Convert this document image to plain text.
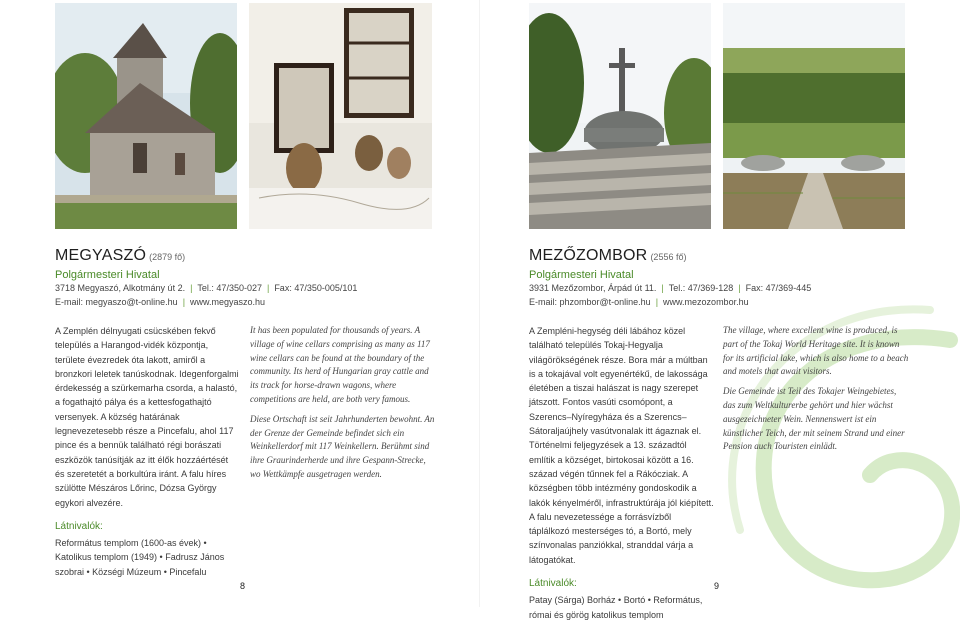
MEGYASZÓ (2879 fő)
Polgármesteri Hivatal
3718 Megyaszó, Alkotmány út 2. | Tel.: 47/350-027 | Fax: 47/350-005/101
E-mail: megyaszo@t-online.hu | www.megyaszo.hu

A Zemplén délnyugati csücskében fekvő település a Harangod-vidék központja, területe évezredek óta lakott, amiről a bronzkori leletek tanúskodnak. Idegenforgalmi érdekesség a szürkemarha csorda, a halastó, a fogathajtó pálya és a kettesfogathajtó versenyek. A község határának legnevezetesebb része a Pincefalu, ahol 117 pince és a bennük található régi borászati eszközök tanúsítják az itt élők hozzáértését és szeretetét a borkultúra iránt. A falu híres szülötte Mészáros Lőrinc, Dózsa György egykori alvezére.

Látnivalók:
Református templom (1600-as évek) • Katolikus templom (1949) • Fadrusz János szobrai • Községi Múzeum • Pincefalu

It has been populated for thousands of years. A village of wine cellars comprising as many as 117 wine cellars can be found at the boundary of the community. Its herd of Hungarian gray cattle and its track for horse-drawn wagons, where competitions are held, are both very famous.

Diese Ortschaft ist seit Jahrhunderten bewohnt. An der Grenze der Gemeinde befindet sich ein Weinkellerdorf mit 117 Weinkellern. Berühmt sind ihre Graurinderherde und ihre Gespann-Strecke, wo Wettkämpfe ausgetragen werden.

MEZŐZOMBOR (2556 fő)
Polgármesteri Hivatal
3931 Mezőzombor, Árpád út 11. | Tel.: 47/369-128 | Fax: 47/369-445
E-mail: phzombor@t-online.hu | www.mezozombor.hu

A Zempléni-hegység déli lábához közel található település Tokaj-Hegyalja világörökségének része. Bora már a múltban is a tokajával volt egyenértékű, de lakossága életében a tiszai halászat is nagy szerepet játszott. Fontos vasúti csomópont, a Szerencs–Nyíregyháza és a Szerencs–Sátoraljaújhely vasútvonalak itt ágaznak el. Történelmi feljegyzések a 13. századtól említik a községet, birtokosai között a 16. század végén tűnnek fel a Rákócziak. A községben több intézmény gondoskodik a lakók kényelméről, infrastruktúrája jól kiépített. A falu nevezetessége a forrásvízből táplálkozó mesterséges tó, a Bortó, mely színvonalas panziókkal, stranddal várja a látogatókat.

Látnivalók:
Patay (Sárga) Borház • Bortó • Református, római és görög katolikus templom

The village, where excellent wine is produced, is part of the Tokaj World Heritage site. It is known for its artificial lake, which is also home to a beach and motels that await visitors.

Die Gemeinde ist Teil des Tokajer Weingebietes, das zum Weltkulturerbe gehört und hier wächst ausgezeichneter Wein. Nennenswert ist ein künstlicher Teich, der mit seinem Strand und einer Pension auch Touristen einlädt.

8	9
